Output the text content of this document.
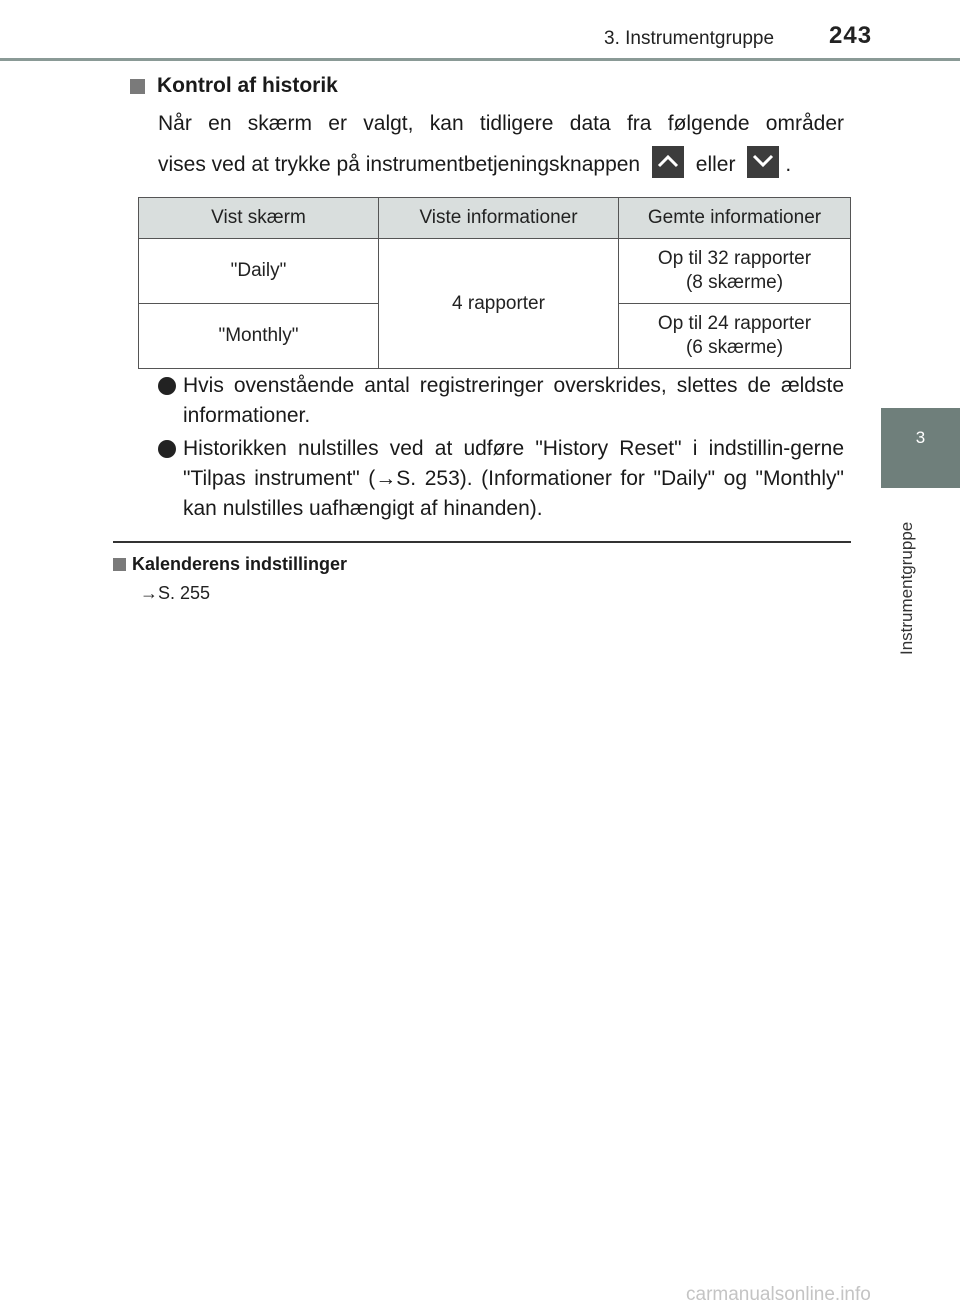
3. Instrumentgruppe 243
3
Instrumentgruppe
Kontrol af historik
Når en skærm er valgt, kan tidligere data fra følgende områder
vises ved at trykke på instrumentbetjeningsknappen	eller .
Vist skærm	Viste informationer	Gemte informationer
"Daily"	4 rapporter	Op til 32 rapporter
(8 skærme)
"Monthly"		Op til 24 rapporter
(6 skærme)
Hvis ovenstående antal registreringer overskrides, slettes de ældste informationer.
Historikken nulstilles ved at udføre "History Reset" i indstillin-gerne "Tilpas instrument" (→S. 253). (Informationer for "Daily" og "Monthly" kan nulstilles uafhængigt af hinanden).
Kalenderens indstillinger
→S. 255
carmanualsonline.info
